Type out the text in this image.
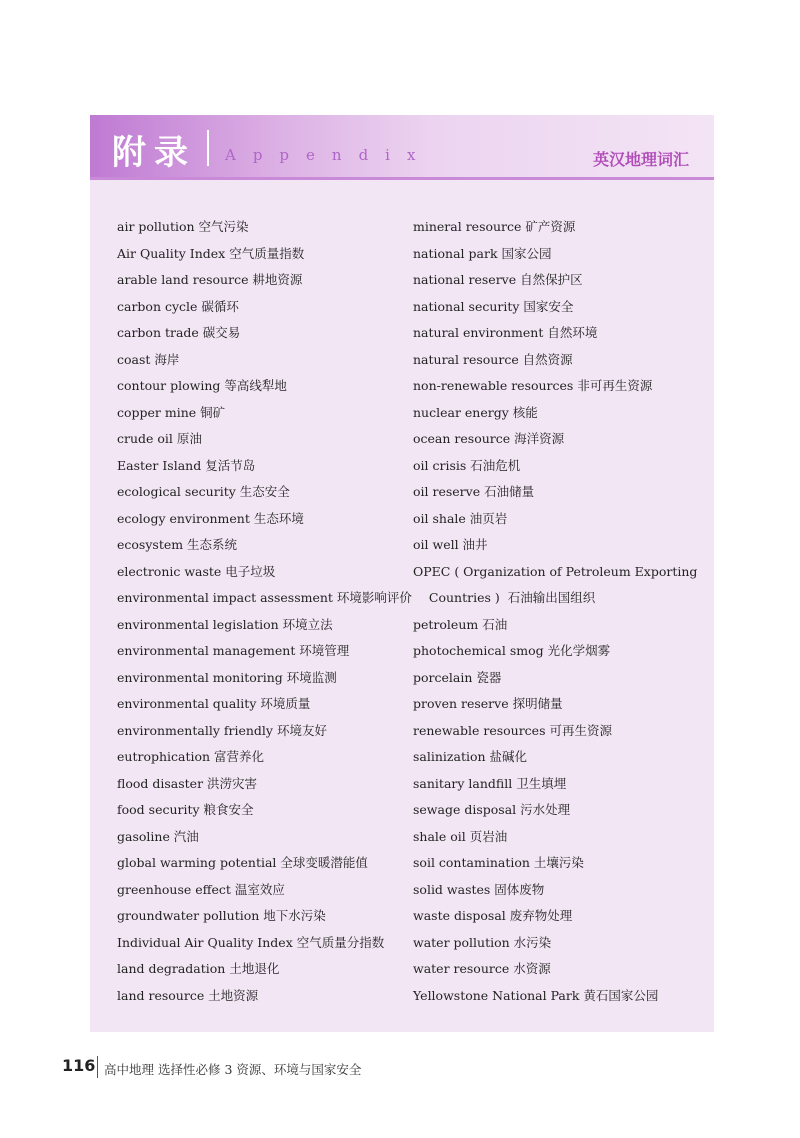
附录 Appendix	英汉地理词汇
air pollution 空气污染
Air Quality Index 空气质量指数
arable land resource 耕地资源
carbon cycle 碳循环
carbon trade 碳交易
coast 海岸
contour plowing 等高线犁地
copper mine 铜矿
crude oil 原油
Easter Island 复活节岛
ecological security 生态安全
ecology environment 生态环境
ecosystem 生态系统
electronic waste 电子垃圾
environmental impact assessment 环境影响评价
environmental legislation 环境立法
environmental management 环境管理
environmental monitoring 环境监测
environmental quality 环境质量
environmentally friendly 环境友好
eutrophication 富营养化
flood disaster 洪涝灾害
food security 粮食安全
gasoline 汽油
global warming potential 全球变暖潜能值
greenhouse effect 温室效应
groundwater pollution 地下水污染
Individual Air Quality Index 空气质量分指数
land degradation 土地退化
land resource 土地资源
mineral resource 矿产资源
national park 国家公园
national reserve 自然保护区
national security 国家安全
natural environment 自然环境
natural resource 自然资源
non-renewable resources 非可再生资源
nuclear energy 核能
ocean resource 海洋资源
oil crisis 石油危机
oil reserve 石油储量
oil shale 油页岩
oil well 油井
OPEC ( Organization of Petroleum Exporting
Countries )  石油输出国组织
petroleum 石油
photochemical smog 光化学烟雾
porcelain 瓷器
proven reserve 探明储量
renewable resources 可再生资源
salinization 盐碱化
sanitary landfill 卫生填埋
sewage disposal 污水处理
shale oil 页岩油
soil contamination 土壤污染
solid wastes 固体废物
waste disposal 废弃物处理
water pollution 水污染
water resource 水资源
Yellowstone National Park 黄石国家公园
116 高中地理 选择性必修 3 资源、环境与国家安全
